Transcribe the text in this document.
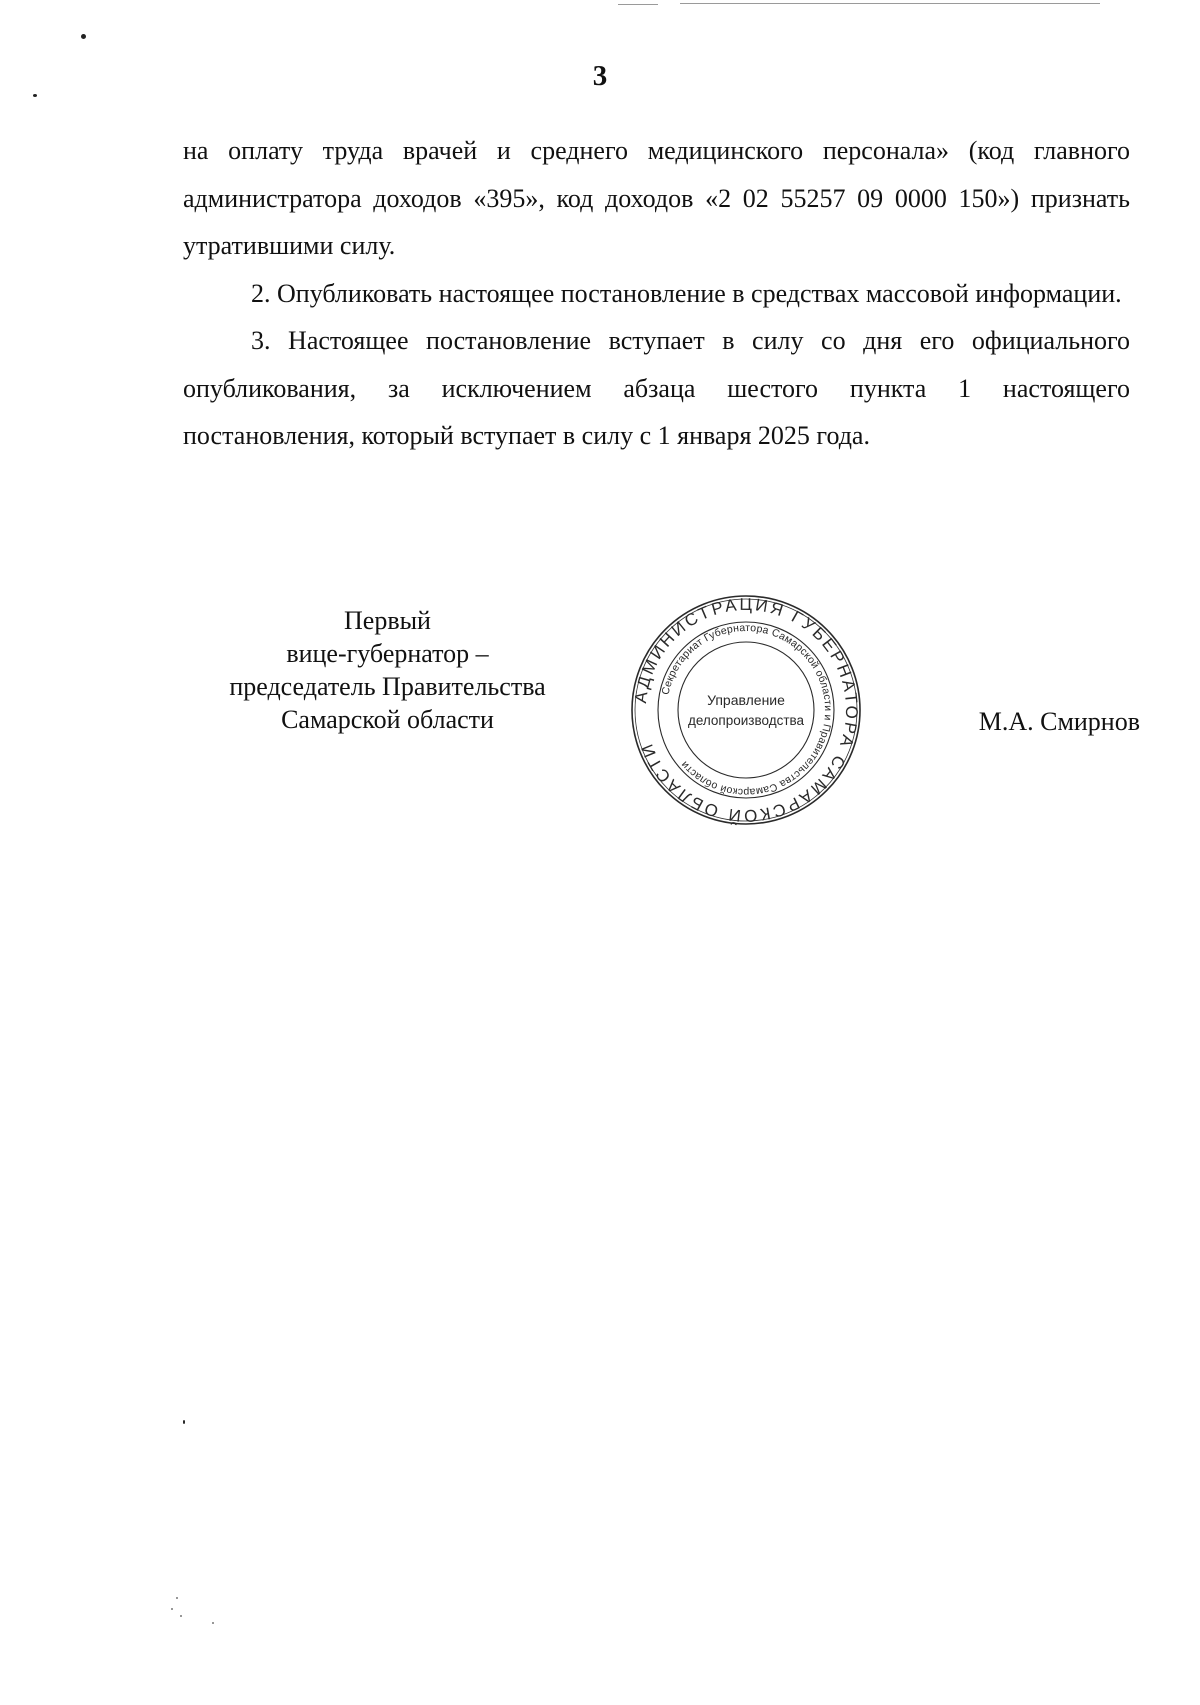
3

на оплату труда врачей и среднего медицинского персонала» (код главного администратора доходов «395», код доходов «2 02 55257 09 0000 150») признать утратившими силу.

2. Опубликовать настоящее постановление в средствах массовой информации.

3. Настоящее постановление вступает в силу со дня его официального опубликования, за исключением абзаца шестого пункта 1 настоящего постановления, который вступает в силу с 1 января 2025 года.

Первый
вице-губернатор –
председатель Правительства
Самарской области
АДМИНИСТРАЦИЯ ГУБЕРНАТОРА САМАРСКОЙ ОБЛАСТИ
Секретариат Губернатора Самарской области и Правительства Самарской области
Управление
делопроизводства	М.А. Смирнов
